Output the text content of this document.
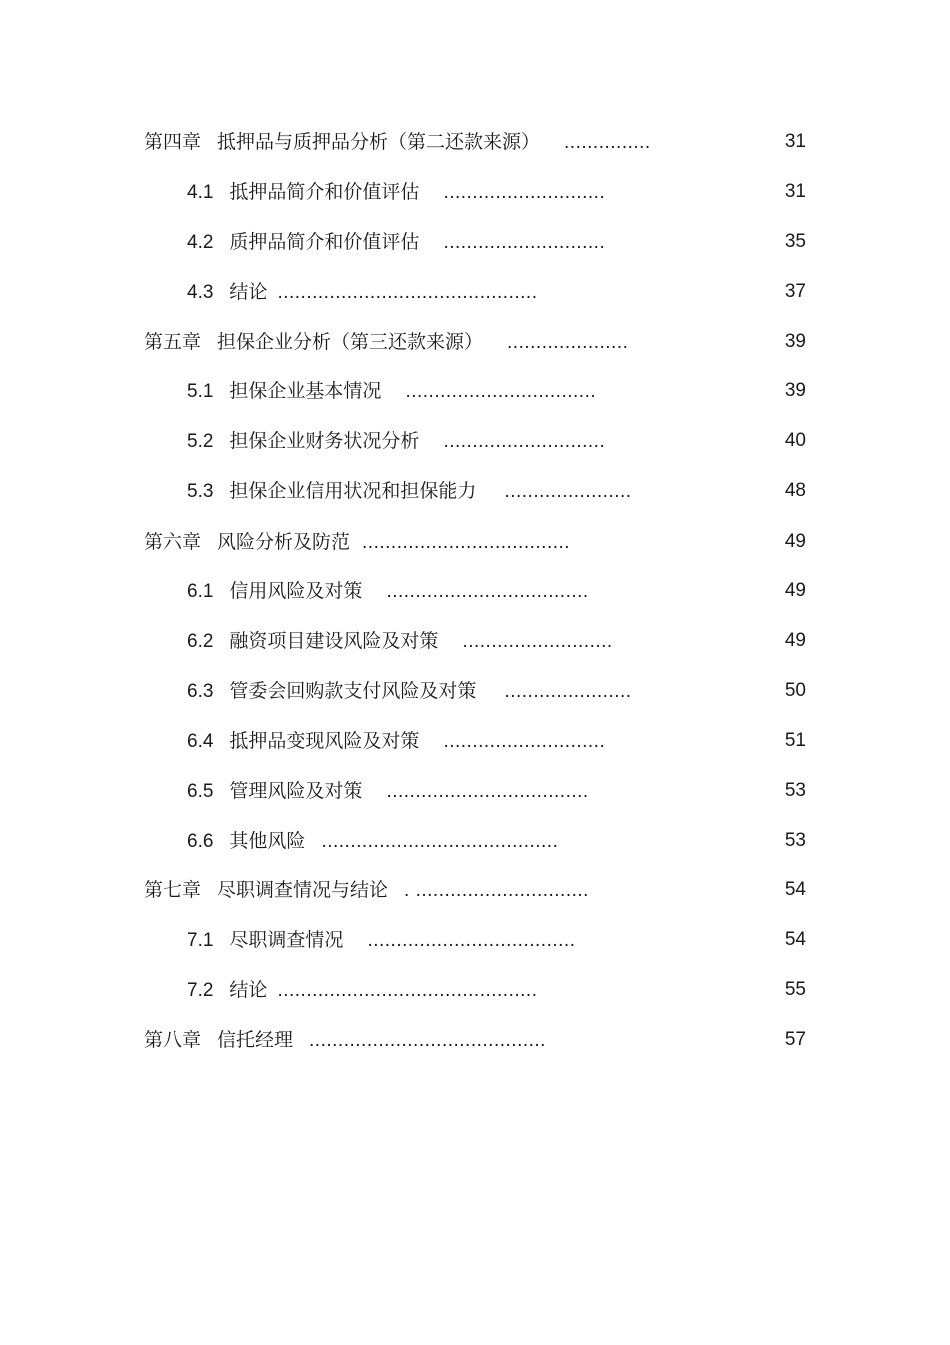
第四章 抵押品与质押品分析（第二还款来源） ...............	31
4.1 抵押品简介和价值评估 ............................	31
4.2 质押品简介和价值评估 ............................	35
4.3 结论 .............................................	37
第五章 担保企业分析（第三还款来源） .....................	39
5.1 担保企业基本情况 .................................	39
5.2 担保企业财务状况分析 ............................	40
5.3 担保企业信用状况和担保能力 ......................	48
第六章 风险分析及防范 ....................................	49
6.1 信用风险及对策 ...................................	49
6.2 融资项目建设风险及对策 ..........................	49
6.3 管委会回购款支付风险及对策 ......................	50
6.4 抵押品变现风险及对策 ............................	51
6.5 管理风险及对策 ...................................	53
6.6 其他风险 .........................................	53
第七章 尽职调查情况与结论 . ..............................	54
7.1 尽职调查情况 ....................................	54
7.2 结论 .............................................	55
第八章 信托经理 .........................................	57
